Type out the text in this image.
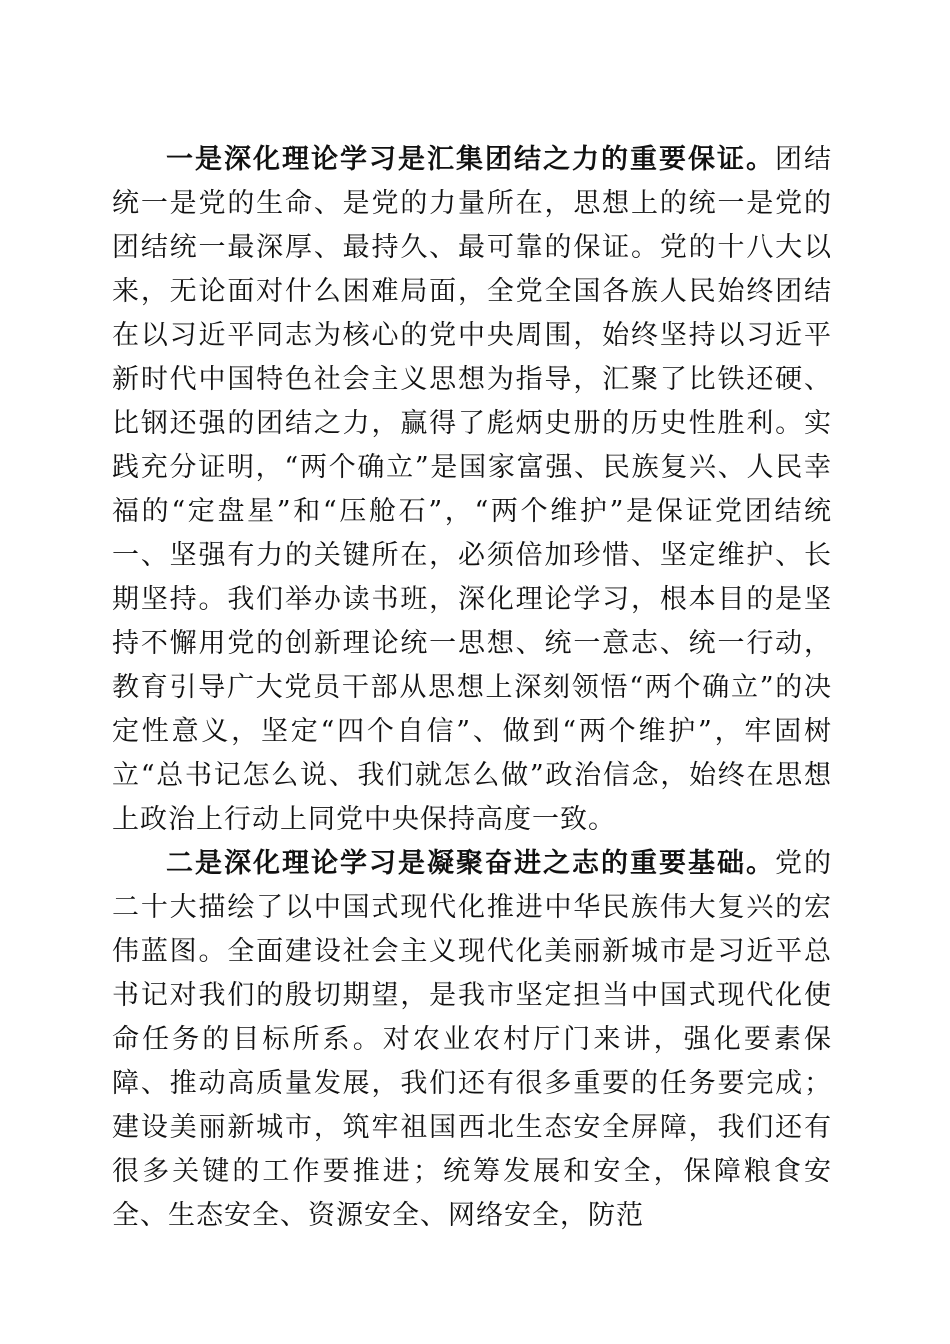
一是深化理论学习是汇集团结之力的重要保证。团结统一是党的生命、是党的力量所在，思想上的统一是党的团结统一最深厚、最持久、最可靠的保证。党的十八大以来，无论面对什么困难局面，全党全国各族人民始终团结在以习近平同志为核心的党中央周围，始终坚持以习近平新时代中国特色社会主义思想为指导，汇聚了比铁还硬、比钢还强的团结之力，赢得了彪炳史册的历史性胜利。实践充分证明，“两个确立”是国家富强、民族复兴、人民幸福的“定盘星”和“压舱石”，“两个维护”是保证党团结统一、坚强有力的关键所在，必须倍加珍惜、坚定维护、长期坚持。我们举办读书班，深化理论学习，根本目的是坚持不懈用党的创新理论统一思想、统一意志、统一行动，教育引导广大党员干部从思想上深刻领悟“两个确立”的决定性意义，坚定“四个自信”、做到“两个维护”，牢固树立“总书记怎么说、我们就怎么做”政治信念，始终在思想上政治上行动上同党中央保持高度一致。

二是深化理论学习是凝聚奋进之志的重要基础。党的二十大描绘了以中国式现代化推进中华民族伟大复兴的宏伟蓝图。全面建设社会主义现代化美丽新城市是习近平总书记对我们的殷切期望，是我市坚定担当中国式现代化使命任务的目标所系。对农业农村厅门来讲，强化要素保障、推动高质量发展，我们还有很多重要的任务要完成；建设美丽新城市，筑牢祖国西北生态安全屏障，我们还有很多关键的工作要推进；统筹发展和安全，保障粮食安全、生态安全、资源安全、网络安全，防范
